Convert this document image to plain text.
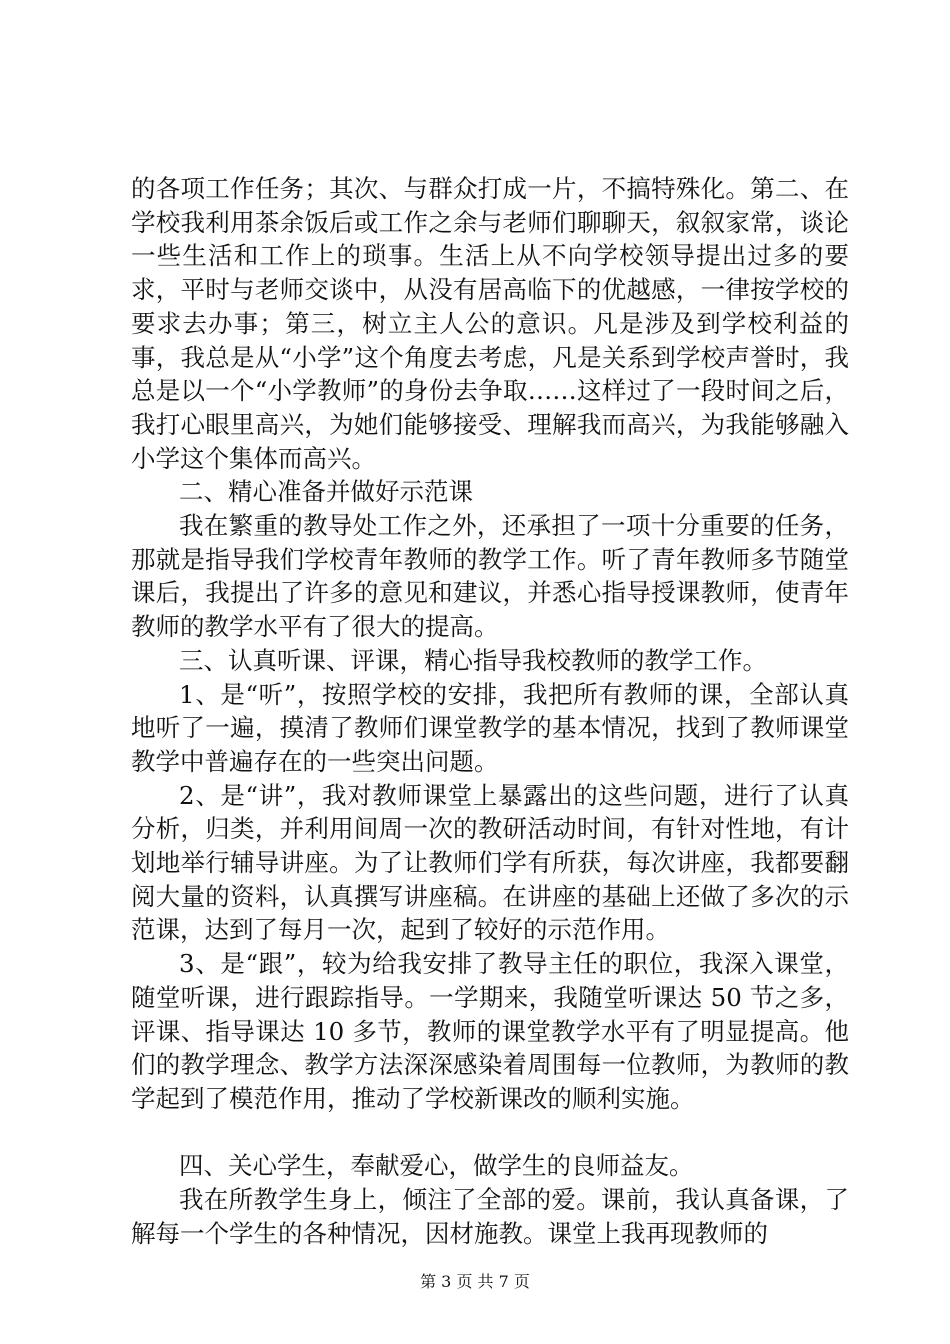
的各项工作任务；其次、与群众打成一片，不搞特殊化。第二、在学校我利用茶余饭后或工作之余与老师们聊聊天，叙叙家常，谈论一些生活和工作上的琐事。生活上从不向学校领导提出过多的要求，平时与老师交谈中，从没有居高临下的优越感，一律按学校的要求去办事；第三，树立主人公的意识。凡是涉及到学校利益的事，我总是从“小学”这个角度去考虑，凡是关系到学校声誉时，我总是以一个“小学教师”的身份去争取……这样过了一段时间之后，我打心眼里高兴，为她们能够接受、理解我而高兴，为我能够融入小学这个集体而高兴。

二、精心准备并做好示范课

我在繁重的教导处工作之外，还承担了一项十分重要的任务，那就是指导我们学校青年教师的教学工作。听了青年教师多节随堂课后，我提出了许多的意见和建议，并悉心指导授课教师，使青年教师的教学水平有了很大的提高。

三、认真听课、评课，精心指导我校教师的教学工作。

1、是“听”，按照学校的安排，我把所有教师的课，全部认真地听了一遍，摸清了教师们课堂教学的基本情况，找到了教师课堂教学中普遍存在的一些突出问题。

2、是“讲”，我对教师课堂上暴露出的这些问题，进行了认真分析，归类，并利用间周一次的教研活动时间，有针对性地，有计划地举行辅导讲座。为了让教师们学有所获，每次讲座，我都要翻阅大量的资料，认真撰写讲座稿。在讲座的基础上还做了多次的示范课，达到了每月一次，起到了较好的示范作用。

3、是“跟”，较为给我安排了教导主任的职位，我深入课堂，随堂听课，进行跟踪指导。一学期来，我随堂听课达 50 节之多，评课、指导课达 10 多节，教师的课堂教学水平有了明显提高。他们的教学理念、教学方法深深感染着周围每一位教师，为教师的教学起到了模范作用，推动了学校新课改的顺利实施。

四、关心学生，奉献爱心，做学生的良师益友。

我在所教学生身上，倾注了全部的爱。课前，我认真备课，了解每一个学生的各种情况，因材施教。课堂上我再现教师的

第 3 页 共 7 页
